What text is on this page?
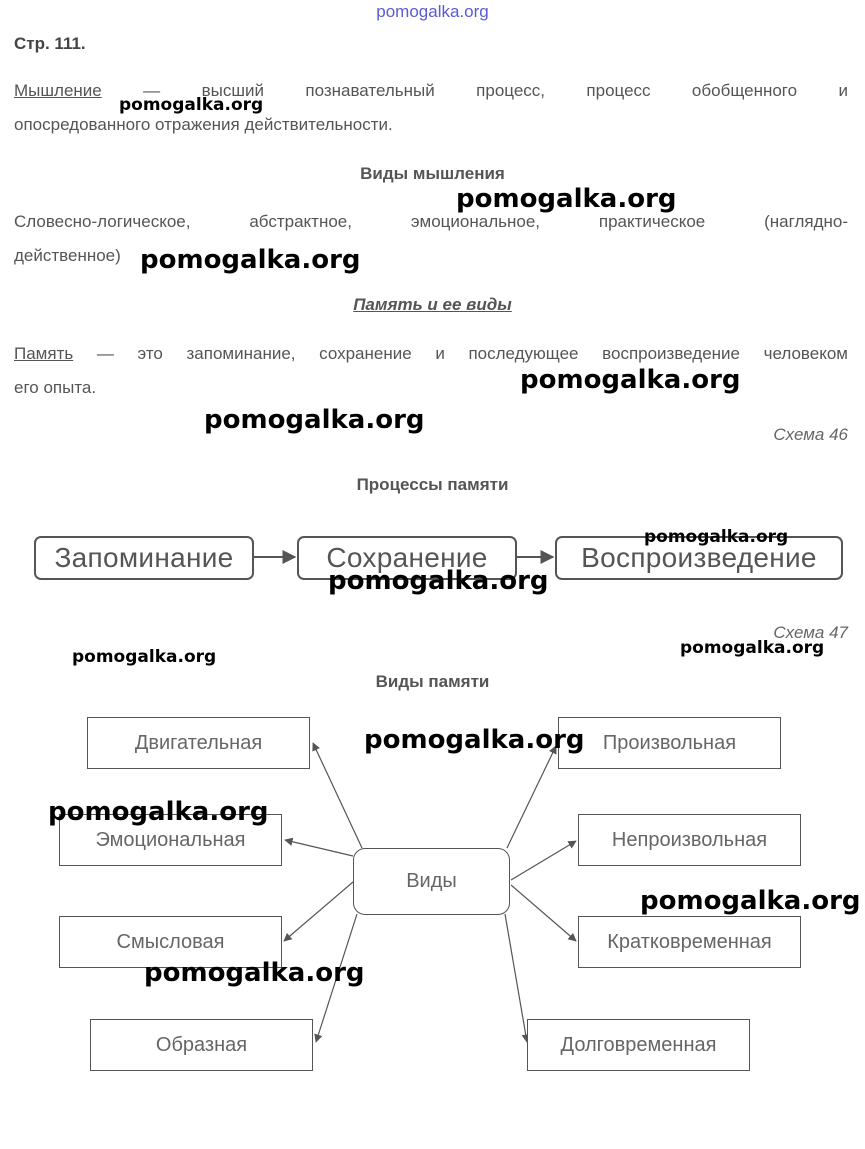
pomogalka.org
Стр. 111.
Мышление — высший познавательный процесс, процесс обобщенного и
опосредованного отражения действительности.
Виды мышления
Словесно-логическое, абстрактное, эмоциональное, практическое (наглядно-
действенное)
Память и ее виды
Память — это запоминание, сохранение и последующее воспроизведение человеком
его опыта.
Схема 46
Процессы памяти
Запоминание	Сохранение	Воспроизведение
Схема 47
Виды памяти
Двигательная
Эмоциональная
Смысловая
Образная
Виды
Произвольная
Непроизвольная
Кратковременная
Долговременная
pomogalka.org
pomogalka.org
pomogalka.org
pomogalka.org
pomogalka.org
pomogalka.org
pomogalka.org
pomogalka.org	pomogalka.org
pomogalka.org
pomogalka.org
pomogalka.org
pomogalka.org
